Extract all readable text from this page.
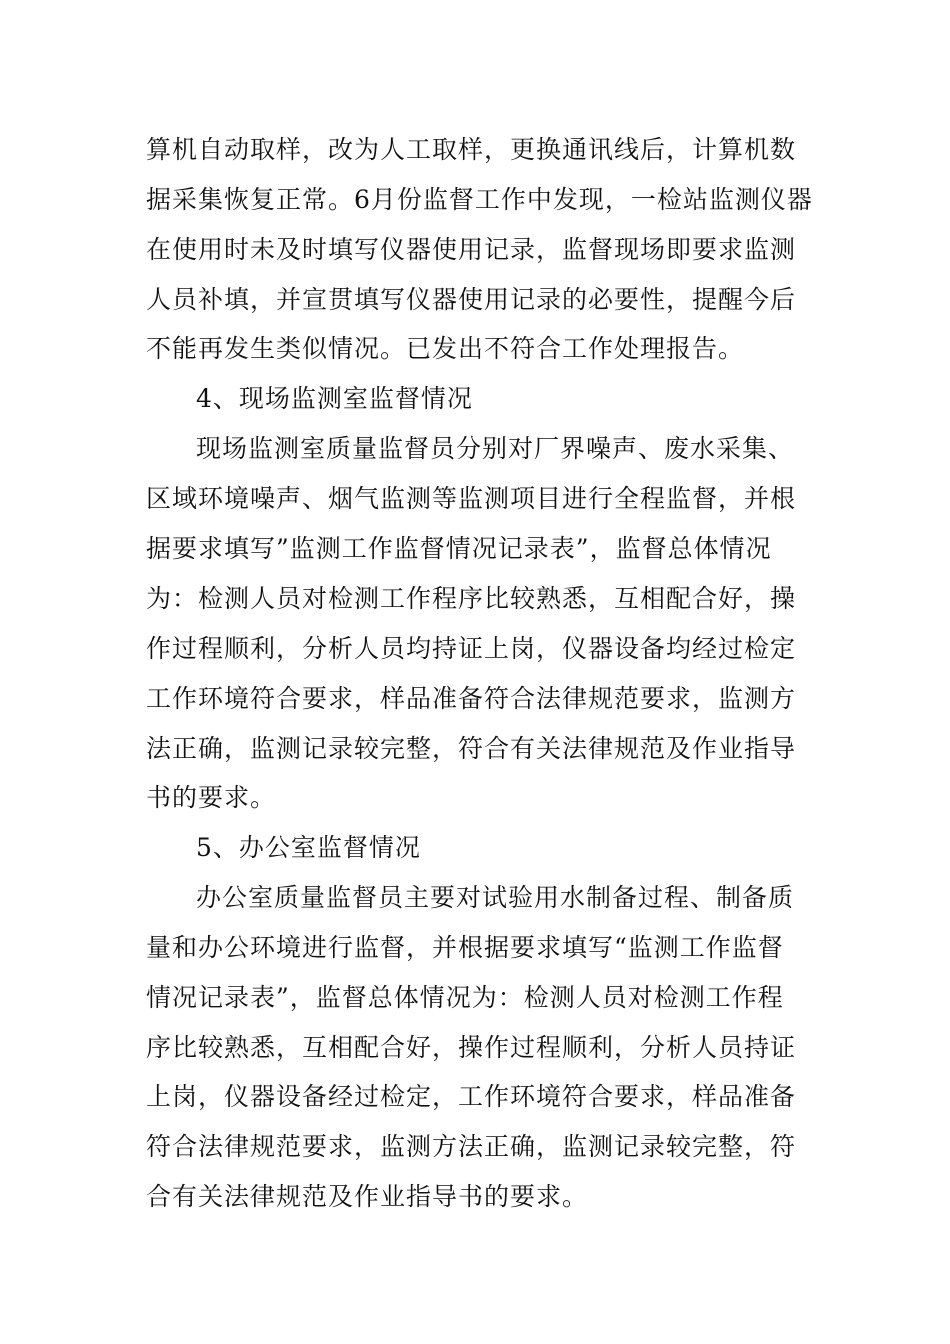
算机自动取样，改为人工取样，更换通讯线后，计算机数
据采集恢复正常。6月份监督工作中发现，一检站监测仪器
在使用时未及时填写仪器使用记录，监督现场即要求监测
人员补填，并宣贯填写仪器使用记录的必要性，提醒今后
不能再发生类似情况。已发出不符合工作处理报告。
4、现场监测室监督情况
现场监测室质量监督员分别对厂界噪声、废水采集、
区域环境噪声、烟气监测等监测项目进行全程监督，并根
据要求填写”监测工作监督情况记录表”，监督总体情况
为：检测人员对检测工作程序比较熟悉，互相配合好，操
作过程顺利，分析人员均持证上岗，仪器设备均经过检定
工作环境符合要求，样品准备符合法律规范要求，监测方
法正确，监测记录较完整，符合有关法律规范及作业指导
书的要求。
5、办公室监督情况
办公室质量监督员主要对试验用水制备过程、制备质
量和办公环境进行监督，并根据要求填写“监测工作监督
情况记录表”，监督总体情况为：检测人员对检测工作程
序比较熟悉，互相配合好，操作过程顺利，分析人员持证
上岗，仪器设备经过检定，工作环境符合要求，样品准备
符合法律规范要求，监测方法正确，监测记录较完整，符
合有关法律规范及作业指导书的要求。
